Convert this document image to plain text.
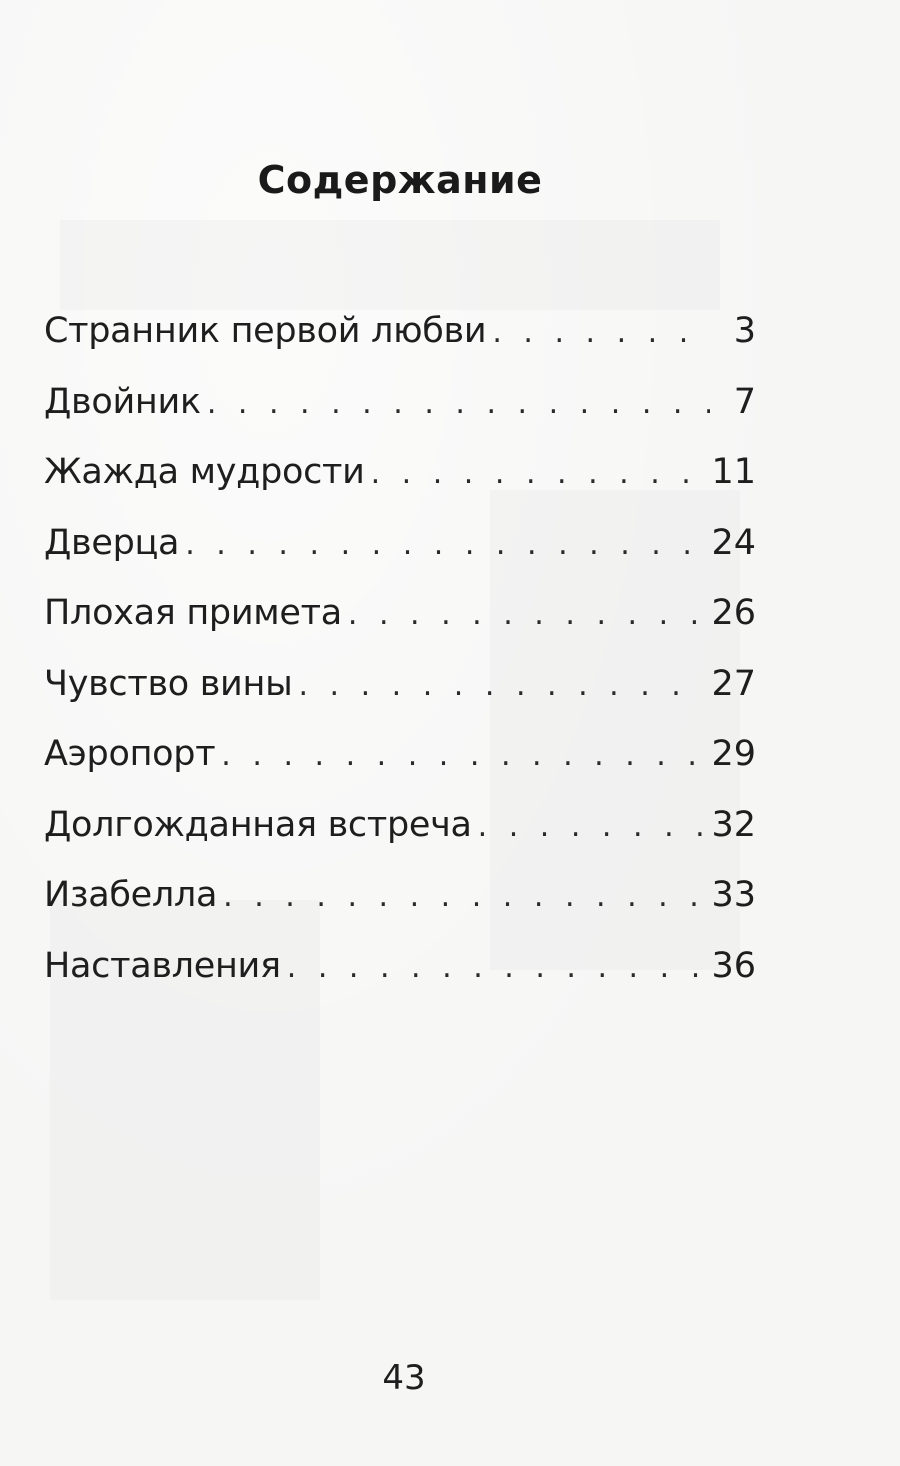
Содержание
Странник первой любви . . .	3
Двойник . . .	7
Жажда мудрости . . .	11
Дверца . . .	24
Плохая примета . . .	26
Чувство вины . . .	27
Аэропорт . . .	29
Долгожданная встреча . . .	32
Изабелла . . .	33
Наставления . . .	36
43
